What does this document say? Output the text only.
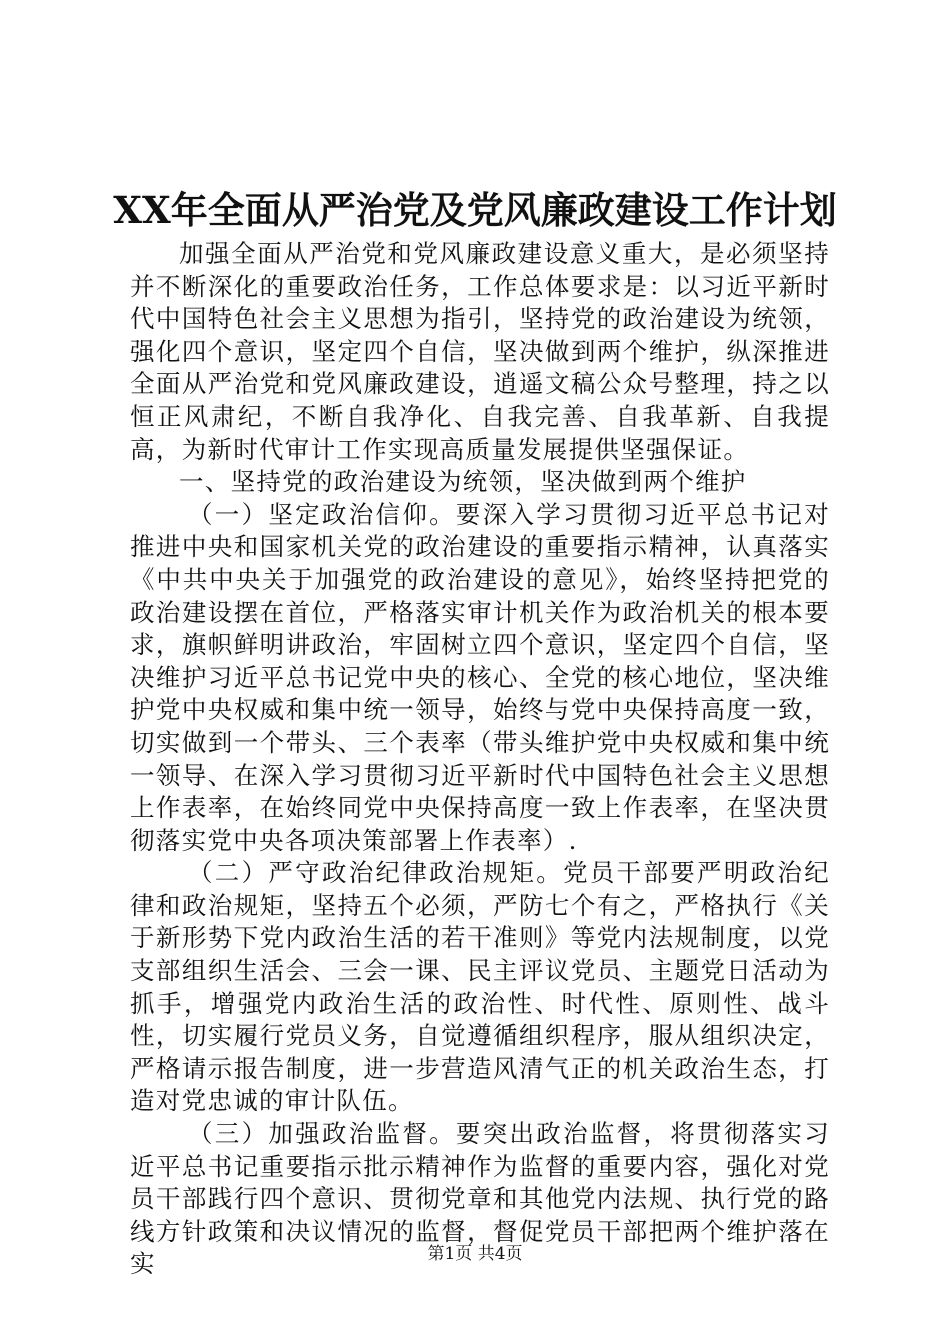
XX年全面从严治党及党风廉政建设工作计划

加强全面从严治党和党风廉政建设意义重大，是必须坚持并不断深化的重要政治任务，工作总体要求是：以习近平新时代中国特色社会主义思想为指引，坚持党的政治建设为统领，强化四个意识，坚定四个自信，坚决做到两个维护，纵深推进全面从严治党和党风廉政建设，逍遥文稿公众号整理，持之以恒正风肃纪，不断自我净化、自我完善、自我革新、自我提高，为新时代审计工作实现高质量发展提供坚强保证。

一、坚持党的政治建设为统领，坚决做到两个维护

（一）坚定政治信仰。要深入学习贯彻习近平总书记对推进中央和国家机关党的政治建设的重要指示精神，认真落实《中共中央关于加强党的政治建设的意见》，始终坚持把党的政治建设摆在首位，严格落实审计机关作为政治机关的根本要求，旗帜鲜明讲政治，牢固树立四个意识，坚定四个自信，坚决维护习近平总书记党中央的核心、全党的核心地位，坚决维护党中央权威和集中统一领导，始终与党中央保持高度一致，切实做到一个带头、三个表率（带头维护党中央权威和集中统一领导、在深入学习贯彻习近平新时代中国特色社会主义思想上作表率，在始终同党中央保持高度一致上作表率，在坚决贯彻落实党中央各项决策部署上作表率）.

（二）严守政治纪律政治规矩。党员干部要严明政治纪律和政治规矩，坚持五个必须，严防七个有之，严格执行《关于新形势下党内政治生活的若干准则》等党内法规制度，以党支部组织生活会、三会一课、民主评议党员、主题党日活动为抓手，增强党内政治生活的政治性、时代性、原则性、战斗性，切实履行党员义务，自觉遵循组织程序，服从组织决定，严格请示报告制度，进一步营造风清气正的机关政治生态，打造对党忠诚的审计队伍。

（三）加强政治监督。要突出政治监督，将贯彻落实习近平总书记重要指示批示精神作为监督的重要内容，强化对党员干部践行四个意识、贯彻党章和其他党内法规、执行党的路线方针政策和决议情况的监督，督促党员干部把两个维护落在实	第1页 共4页
